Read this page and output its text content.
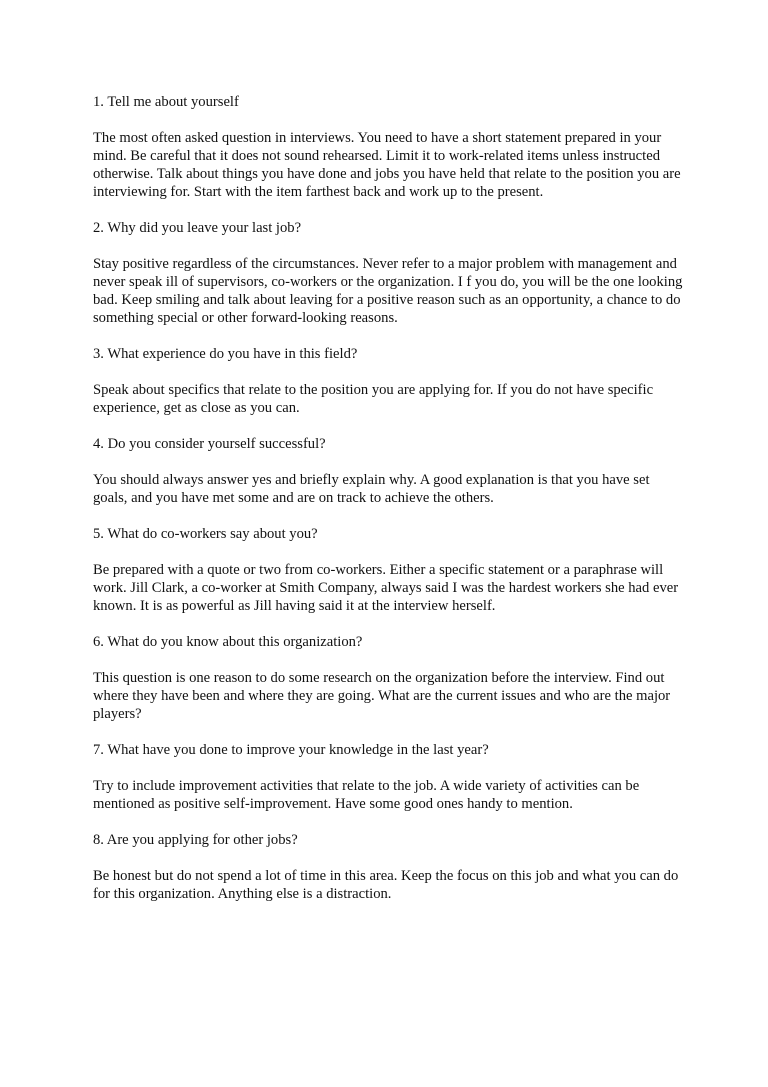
1. Tell me about yourself

The most often asked question in interviews. You need to have a short statement prepared in your mind. Be careful that it does not sound rehearsed. Limit it to work-related items unless instructed otherwise. Talk about things you have done and jobs you have held that relate to the position you are interviewing for. Start with the item farthest back and work up to the present.

2. Why did you leave your last job?

Stay positive regardless of the circumstances. Never refer to a major problem with management and never speak ill of supervisors, co-workers or the organization. I f you do, you will be the one looking bad. Keep smiling and talk about leaving for a positive reason such as an opportunity, a chance to do something special or other forward-looking reasons.

3. What experience do you have in this field?

Speak about specifics that relate to the position you are applying for. If you do not have specific experience, get as close as you can.

4. Do you consider yourself successful?

You should always answer yes and briefly explain why. A good explanation is that you have set goals, and you have met some and are on track to achieve the others.

5. What do co-workers say about you?

Be prepared with a quote or two from co-workers. Either a specific statement or a paraphrase will work. Jill Clark, a co-worker at Smith Company, always said I was the hardest workers she had ever known. It is as powerful as Jill having said it at the interview herself.

6. What do you know about this organization?

This question is one reason to do some research on the organization before the interview. Find out where they have been and where they are going. What are the current issues and who are the major players?

7. What have you done to improve your knowledge in the last year?

Try to include improvement activities that relate to the job. A wide variety of activities can be mentioned as positive self-improvement. Have some good ones handy to mention.

8. Are you applying for other jobs?

Be honest but do not spend a lot of time in this area. Keep the focus on this job and what you can do for this organization. Anything else is a distraction.
